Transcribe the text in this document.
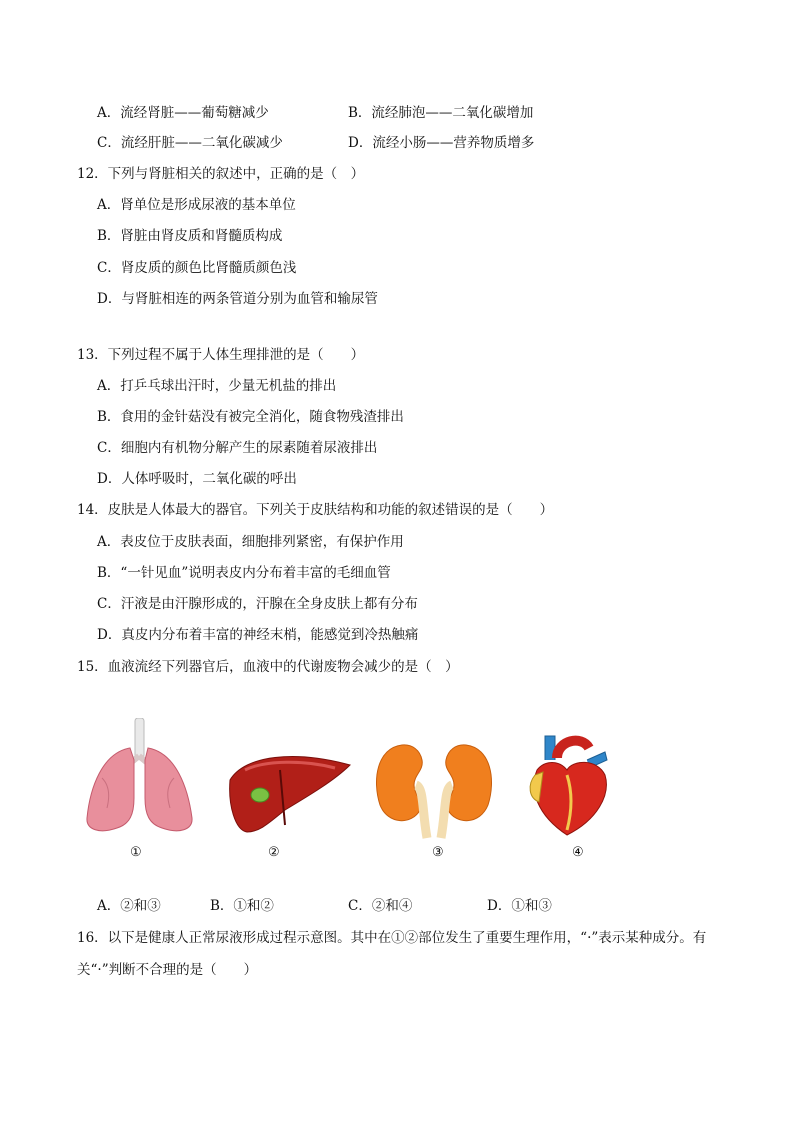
A．流经肾脏——葡萄糖减少	B．流经肺泡——二氧化碳增加
C．流经肝脏——二氧化碳减少	D．流经小肠——营养物质增多
12．下列与肾脏相关的叙述中，正确的是（　）
A．肾单位是形成尿液的基本单位
B．肾脏由肾皮质和肾髓质构成
C．肾皮质的颜色比肾髓质颜色浅
D．与肾脏相连的两条管道分别为血管和输尿管
13．下列过程不属于人体生理排泄的是（　　）
A．打乒乓球出汗时，少量无机盐的排出
B．食用的金针菇没有被完全消化，随食物残渣排出
C．细胞内有机物分解产生的尿素随着尿液排出
D．人体呼吸时，二氧化碳的呼出
14．皮肤是人体最大的器官。下列关于皮肤结构和功能的叙述错误的是（　　）
A．表皮位于皮肤表面，细胞排列紧密，有保护作用
B．“一针见血”说明表皮内分布着丰富的毛细血管
C．汗液是由汗腺形成的，汗腺在全身皮肤上都有分布
D．真皮内分布着丰富的神经末梢，能感觉到冷热触痛
15．血液流经下列器官后，血液中的代谢废物会减少的是（　）
①	②	③	④
A．②和③	B．①和②	C．②和④	D．①和③
16．以下是健康人正常尿液形成过程示意图。其中在①②部位发生了重要生理作用，“·”表示某种成分。有
关“·”判断不合理的是（　　）
